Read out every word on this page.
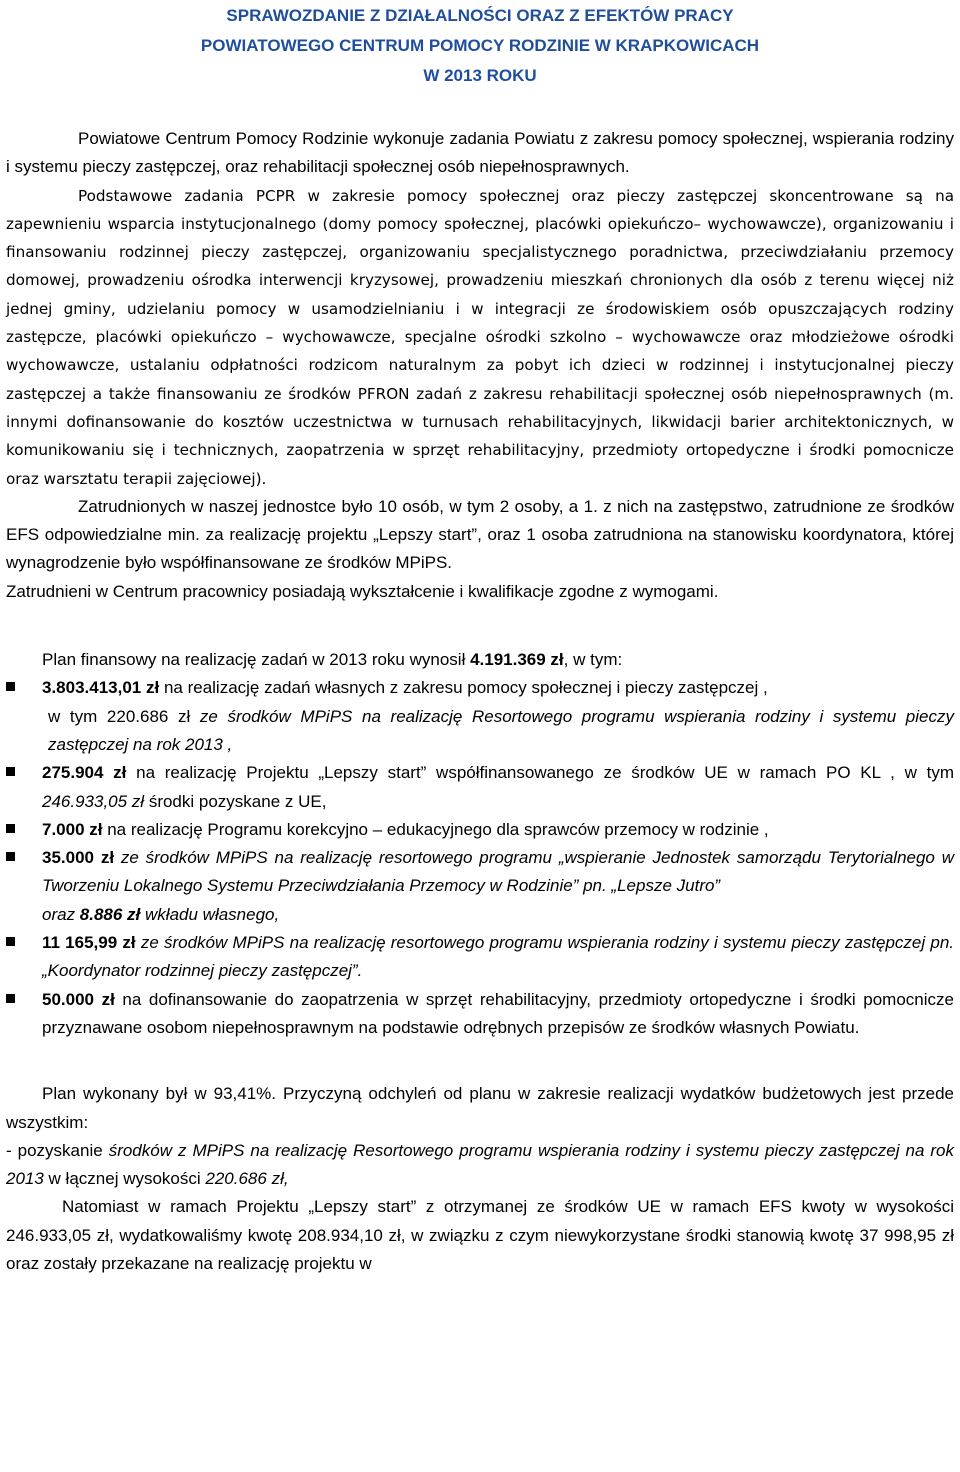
SPRAWOZDANIE Z DZIAŁALNOŚCI ORAZ Z EFEKTÓW PRACY
POWIATOWEGO CENTRUM POMOCY RODZINIE W KRAPKOWICACH
W 2013 ROKU

Powiatowe Centrum Pomocy Rodzinie wykonuje zadania Powiatu z zakresu pomocy społecznej, wspierania rodziny i systemu pieczy zastępczej, oraz rehabilitacji społecznej osób niepełnosprawnych.

Podstawowe zadania PCPR w zakresie pomocy społecznej oraz pieczy zastępczej skoncentrowane są na zapewnieniu wsparcia instytucjonalnego (domy pomocy społecznej, placówki opiekuńczo– wychowawcze), organizowaniu i finansowaniu rodzinnej pieczy zastępczej, organizowaniu specjalistycznego poradnictwa, przeciwdziałaniu przemocy domowej, prowadzeniu ośrodka interwencji kryzysowej, prowadzeniu mieszkań chronionych dla osób z terenu więcej niż jednej gminy, udzielaniu pomocy w usamodzielnianiu i w integracji ze środowiskiem osób opuszczających rodziny zastępcze, placówki opiekuńczo – wychowawcze, specjalne ośrodki szkolno – wychowawcze oraz młodzieżowe ośrodki wychowawcze, ustalaniu odpłatności rodzicom naturalnym za pobyt ich dzieci w rodzinnej i instytucjonalnej pieczy zastępczej a także finansowaniu ze środków PFRON zadań z zakresu rehabilitacji społecznej osób niepełnosprawnych (m. innymi dofinansowanie do kosztów uczestnictwa w turnusach rehabilitacyjnych, likwidacji barier architektonicznych, w komunikowaniu się i technicznych, zaopatrzenia w sprzęt rehabilitacyjny, przedmioty ortopedyczne i środki pomocnicze oraz warsztatu terapii zajęciowej).

Zatrudnionych w naszej jednostce było 10 osób, w tym 2 osoby, a 1. z nich na zastępstwo, zatrudnione ze środków EFS odpowiedzialne min. za realizację projektu „Lepszy start”, oraz 1 osoba zatrudniona na stanowisku koordynatora, której wynagrodzenie było współfinansowane ze środków MPiPS.

Zatrudnieni w Centrum pracownicy posiadają wykształcenie i kwalifikacje zgodne z wymogami.

Plan finansowy na realizację zadań w 2013 roku wynosił 4.191.369 zł, w tym:

3.803.413,01 zł na realizację zadań własnych z zakresu pomocy społecznej i pieczy zastępczej ,
w tym 220.686 zł ze środków MPiPS na realizację Resortowego programu wspierania rodziny i systemu pieczy zastępczej na rok 2013 ,
275.904 zł na realizację Projektu „Lepszy start” współfinansowanego ze środków UE w ramach PO KL , w tym 246.933,05 zł środki pozyskane z UE,
7.000 zł na realizację Programu korekcyjno – edukacyjnego dla sprawców przemocy w rodzinie ,
35.000 zł ze środków MPiPS na realizację resortowego programu „wspieranie Jednostek samorządu Terytorialnego w Tworzeniu Lokalnego Systemu Przeciwdziałania Przemocy w Rodzinie” pn. „Lepsze Jutro”
oraz 8.886 zł wkładu własnego,
11 165,99 zł ze środków MPiPS na realizację resortowego programu wspierania rodziny i systemu pieczy zastępczej pn. „Koordynator rodzinnej pieczy zastępczej”.
50.000 zł na dofinansowanie do zaopatrzenia w sprzęt rehabilitacyjny, przedmioty ortopedyczne i środki pomocnicze przyznawane osobom niepełnosprawnym na podstawie odrębnych przepisów ze środków własnych Powiatu.

Plan wykonany był w 93,41%. Przyczyną odchyleń od planu w zakresie realizacji wydatków budżetowych jest przede wszystkim:

- pozyskanie środków z MPiPS na realizację Resortowego programu wspierania rodziny i systemu pieczy zastępczej na rok 2013 w łącznej wysokości 220.686 zł,

Natomiast w ramach Projektu „Lepszy start” z otrzymanej ze środków UE w ramach EFS kwoty w wysokości 246.933,05 zł, wydatkowaliśmy kwotę 208.934,10 zł, w związku z czym niewykorzystane środki stanowią kwotę 37 998,95 zł oraz zostały przekazane na realizację projektu w
